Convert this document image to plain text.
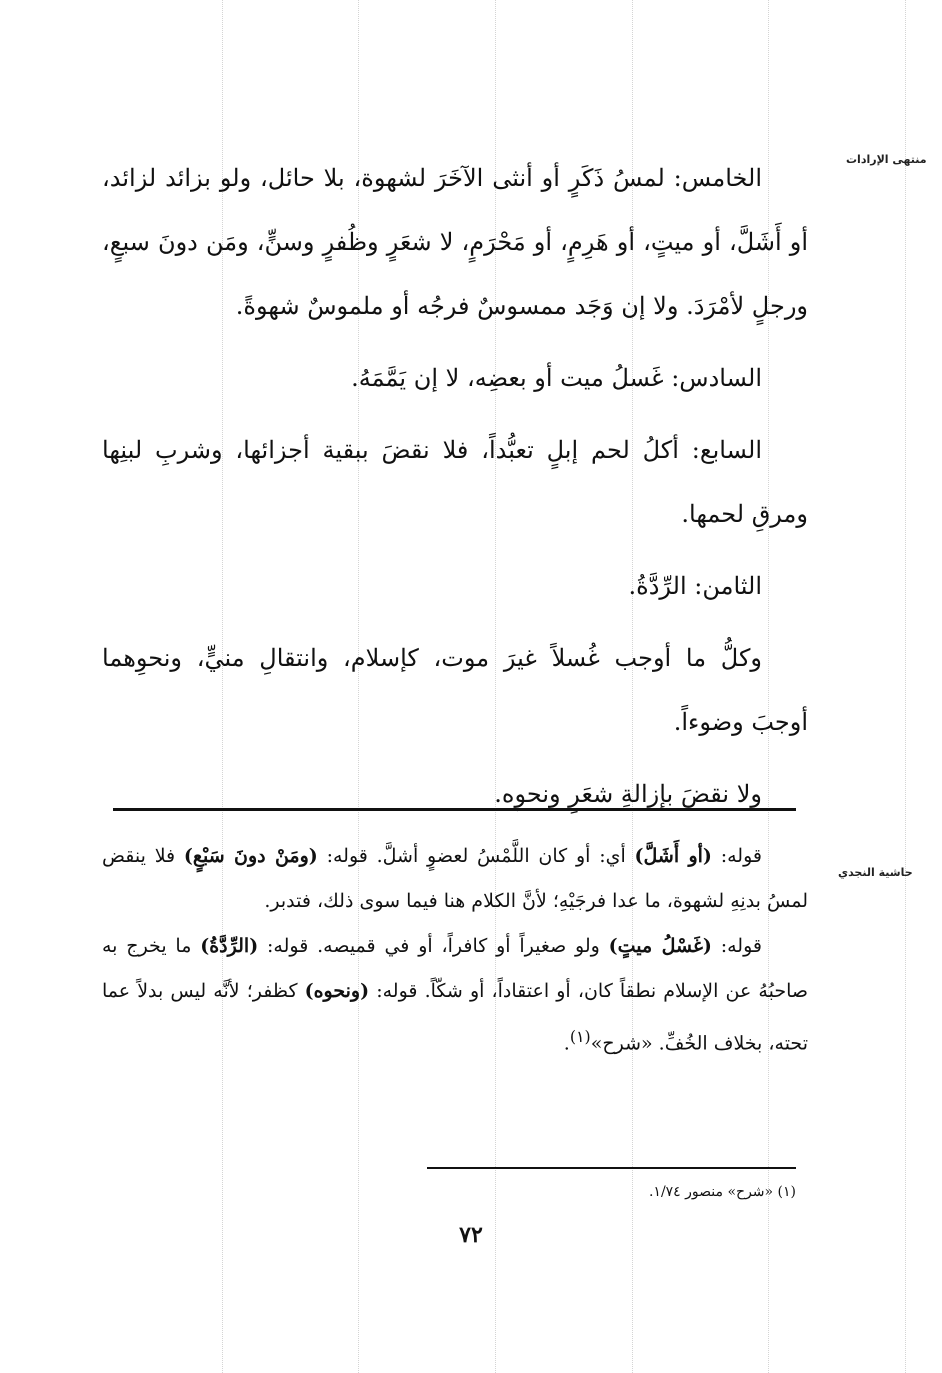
منتهى الإرادات
حاشية النجدي

الخامس: لمسُ ذَكَرٍ أو أنثى الآخَرَ لشهوة، بلا حائل، ولو بزائد لزائد، أو أَشَلَّ، أو ميتٍ، أو هَرِمٍ، أو مَحْرَمٍ، لا شعَرٍ وظُفرٍ وسنٍّ، ومَن دونَ سبعٍ، ورجلٍ لأمْرَدَ. ولا إن وَجَد ممسوسٌ فرجُه أو ملموسٌ شهوةً.

السادس: غَسلُ ميت أو بعضِه، لا إن يَمَّمَهُ.

السابع: أكلُ لحم إبلٍ تعبُّداً، فلا نقضَ ببقية أجزائها، وشربِ لبنِها ومرقِ لحمها.

الثامن: الرِّدَّةُ.

وكلُّ ما أوجب غُسلاً غيرَ موت، كإسلام، وانتقالِ منيٍّ، ونحوِهما أوجبَ وضوءاً.

ولا نقضَ بإزالةِ شعَرٍ ونحوِه.

قوله: (أو أَشَلَّ) أي: أو كان اللَّمْسُ لعضوٍ أشلَّ. قوله: (ومَنْ دونَ سَبْعٍ) فلا ينقض لمسُ بدنِهِ لشهوة، ما عدا فرجَيْهِ؛ لأنَّ الكلام هنا فيما سوى ذلك، فتدبر.

قوله: (غَسْلُ ميتٍ) ولو صغيراً أو كافراً، أو في قميصه. قوله: (الرِّدَّةُ) ما يخرج به صاحبُهُ عن الإسلام نطقاً كان، أو اعتقاداً، أو شكّاً. قوله: (ونحوه) كظفر؛ لأنَّه ليس بدلاً عما تحته، بخلاف الخُفِّ. «شرح»$^{(١)}$.

(١) «شرح» منصور ١/٧٤.
٧٢
